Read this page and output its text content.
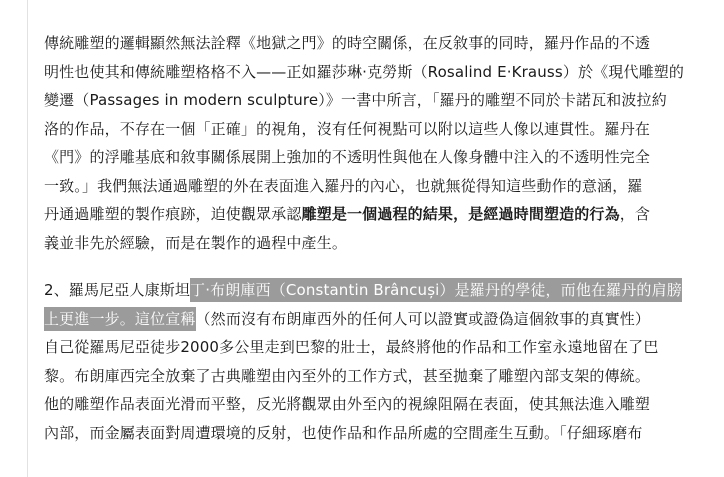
傳統雕塑的邏輯顯然無法詮釋《地獄之門》的時空關係，在反敘事的同時，羅丹作品的不透
明性也使其和傳統雕塑格格不入——正如羅莎琳·克勞斯（Rosalind E·Krauss）於《現代雕塑的
變遷（Passages in modern sculpture）》一書中所言，「羅丹的雕塑不同於卡諾瓦和波拉約
洛的作品，不存在一個「正確」的視角，沒有任何視點可以附以這些人像以連貫性。羅丹在
《門》的浮雕基底和敘事關係展開上強加的不透明性與他在人像身體中注入的不透明性完全
一致。」我們無法通過雕塑的外在表面進入羅丹的內心，也就無從得知這些動作的意涵，羅
丹通過雕塑的製作痕跡，迫使觀眾承認雕塑是一個過程的結果，是經過時間塑造的行為，含
義並非先於經驗，而是在製作的過程中產生。

2、羅馬尼亞人康斯坦丁·布朗庫西（Constantin Brâncuși）是羅丹的學徒，而他在羅丹的肩膀
上更進一步。這位宣稱（然而沒有布朗庫西外的任何人可以證實或證偽這個敘事的真實性）
自己從羅馬尼亞徒步2000多公里走到巴黎的壯士，最終將他的作品和工作室永遠地留在了巴
黎。布朗庫西完全放棄了古典雕塑由內至外的工作方式，甚至拋棄了雕塑內部支架的傳統。
他的雕塑作品表面光滑而平整，反光將觀眾由外至內的視線阻隔在表面，使其無法進入雕塑
內部，而金屬表面對周遭環境的反射，也使作品和作品所處的空間產生互動。「仔細琢磨布
